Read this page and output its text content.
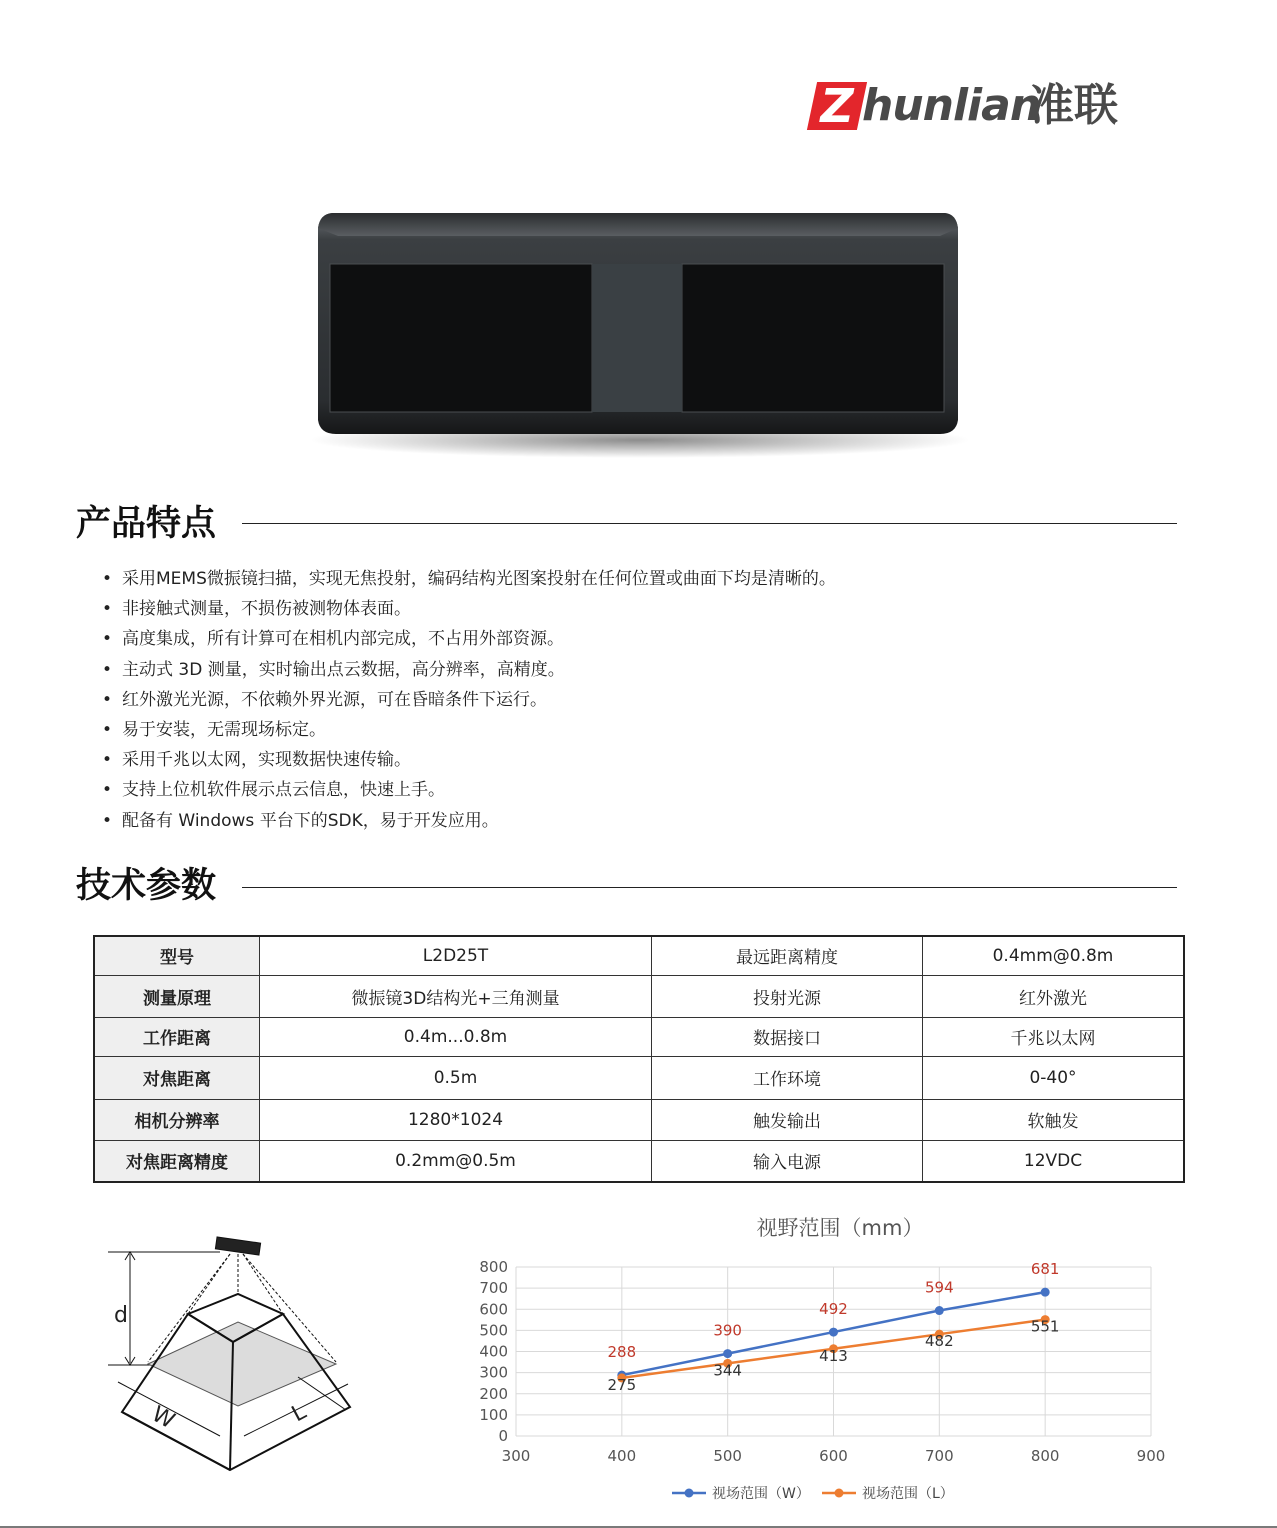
Z hunlian
准联
产品特点
• 采用MEMS微振镜扫描，实现无焦投射，编码结构光图案投射在任何位置或曲面下均是清晰的。
• 非接触式测量，不损伤被测物体表面。
• 高度集成，所有计算可在相机内部完成，不占用外部资源。
• 主动式 3D 测量，实时输出点云数据，高分辨率，高精度。
• 红外激光光源，不依赖外界光源，可在昏暗条件下运行。
• 易于安装，无需现场标定。
• 采用千兆以太网，实现数据快速传输。
• 支持上位机软件展示点云信息，快速上手。
• 配备有 Windows 平台下的SDK，易于开发应用。
技术参数
型号	L2D25T	最远距离精度	0.4mm@0.8m
测量原理	微振镜3D结构光+三角测量	投射光源	红外激光
工作距离	0.4m...0.8m	数据接口	千兆以太网
对焦距离	0.5m	工作环境	0-40°
相机分辨率	1280*1024	触发输出	软触发
对焦距离精度	0.2mm@0.5m	输入电源	12VDC
d
W	L
视野范围（mm）
0
100
200
300
400
500
600
700
800
300	400	500	600	700	800	900
288
390
492
594
681
275
344
413
482
551
视场范围（W）	视场范围（L）
